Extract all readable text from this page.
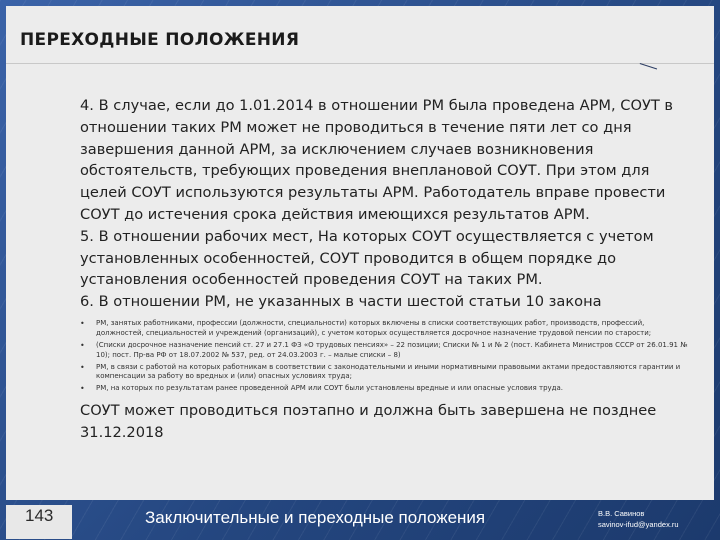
ПЕРЕХОДНЫЕ ПОЛОЖЕНИЯ

4. В случае, если до 1.01.2014 в отношении РМ была проведена АРМ, СОУТ в отношении таких РМ может не проводиться в течение пяти лет со дня завершения данной АРМ, за исключением случаев возникновения обстоятельств, требующих проведения внеплановой СОУТ. При этом для целей СОУТ используются результаты АРМ. Работодатель вправе провести СОУТ до истечения срока действия имеющихся результатов АРМ.

5. В отношении рабочих мест, На которых СОУТ осуществляется с учетом установленных особенностей, СОУТ проводится в общем порядке до установления особенностей проведения СОУТ на таких РМ.

6. В отношении РМ, не указанных в части шестой статьи 10 закона

• РМ, занятых работниками, профессии (должности, специальности) которых включены в списки соответствующих работ, производств, профессий, должностей, специальностей и учреждений (организаций), с учетом которых осуществляется досрочное назначение трудовой пенсии по старости;
• (Списки досрочное назначение пенсий ст. 27 и 27.1 ФЗ «О трудовых пенсиях» – 22 позиции; Списки № 1 и № 2 (пост. Кабинета Министров СССР от 26.01.91 № 10); пост. Пр-ва РФ от 18.07.2002 № 537, ред. от 24.03.2003 г. – малые списки – 8)
• РМ, в связи с работой на которых работникам в соответствии с законодательными и иными нормативными правовыми актами предоставляются гарантии и компенсации за работу во вредных и (или) опасных условиях труда;
• РМ, на которых по результатам ранее проведенной АРМ или СОУТ были установлены вредные и или опасные условия труда.

СОУТ может проводиться поэтапно и должна быть завершена не позднее 31.12.2018

143	Заключительные и переходные положения	В.В. Савинов
savinov-ifud@yandex.ru
